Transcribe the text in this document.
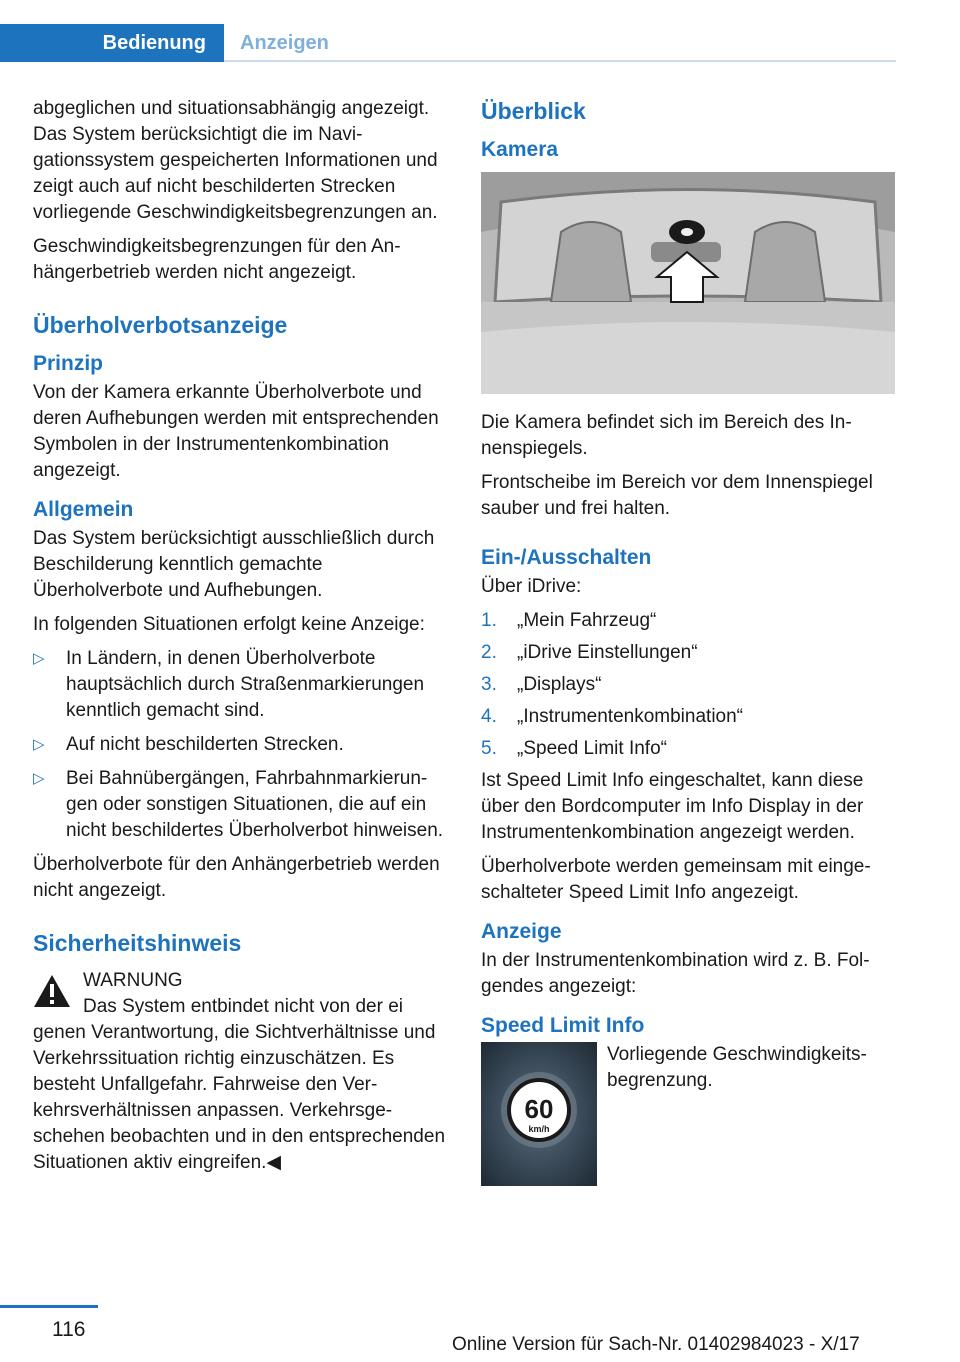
Bedienung	Anzeigen

abgeglichen und situationsabhängig angezeigt. Das System berücksichtigt die im Navigationssystem gespeicherten Informationen und zeigt auch auf nicht beschilderten Strecken vorliegende Geschwindigkeitsbegrenzungen an.

Geschwindigkeitsbegrenzungen für den Anhängerbetrieb werden nicht angezeigt.

Überholverbotsanzeige
Prinzip

Von der Kamera erkannte Überholverbote und deren Aufhebungen werden mit entsprechenden Symbolen in der Instrumentenkombination angezeigt.

Allgemein

Das System berücksichtigt ausschließlich durch Beschilderung kenntlich gemachte Überholverbote und Aufhebungen.

In folgenden Situationen erfolgt keine Anzeige:

▷ In Ländern, in denen Überholverbote hauptsächlich durch Straßenmarkierungen kenntlich gemacht sind.
▷ Auf nicht beschilderten Strecken.
▷ Bei Bahnübergängen, Fahrbahnmarkierungen oder sonstigen Situationen, die auf ein nicht beschildertes Überholverbot hinweisen.

Überholverbote für den Anhängerbetrieb werden nicht angezeigt.

Sicherheitshinweis
WARNUNG
Das System entbindet nicht von der ei
genen Verantwortung, die Sichtverhältnisse und Verkehrssituation richtig einzuschätzen. Es besteht Unfallgefahr. Fahrweise den Verkehrsverhältnissen anpassen. Verkehrsgeschehen beobachten und in den entsprechenden Situationen aktiv eingreifen.◀
Überblick
Kamera

Die Kamera befindet sich im Bereich des Innenspiegels.

Frontscheibe im Bereich vor dem Innenspiegel sauber und frei halten.

Ein-/Ausschalten

Über iDrive:

1. „Mein Fahrzeug“
2. „iDrive Einstellungen“
3. „Displays“
4. „Instrumentenkombination“
5. „Speed Limit Info“

Ist Speed Limit Info eingeschaltet, kann diese über den Bordcomputer im Info Display in der Instrumentenkombination angezeigt werden.

Überholverbote werden gemeinsam mit eingeschalteter Speed Limit Info angezeigt.

Anzeige

In der Instrumentenkombination wird z. B. Folgendes angezeigt:

Speed Limit Info
60
km/h
Vorliegende Geschwindigkeitsbegrenzung.
116
Online Version für Sach-Nr. 01402984023 - X/17
